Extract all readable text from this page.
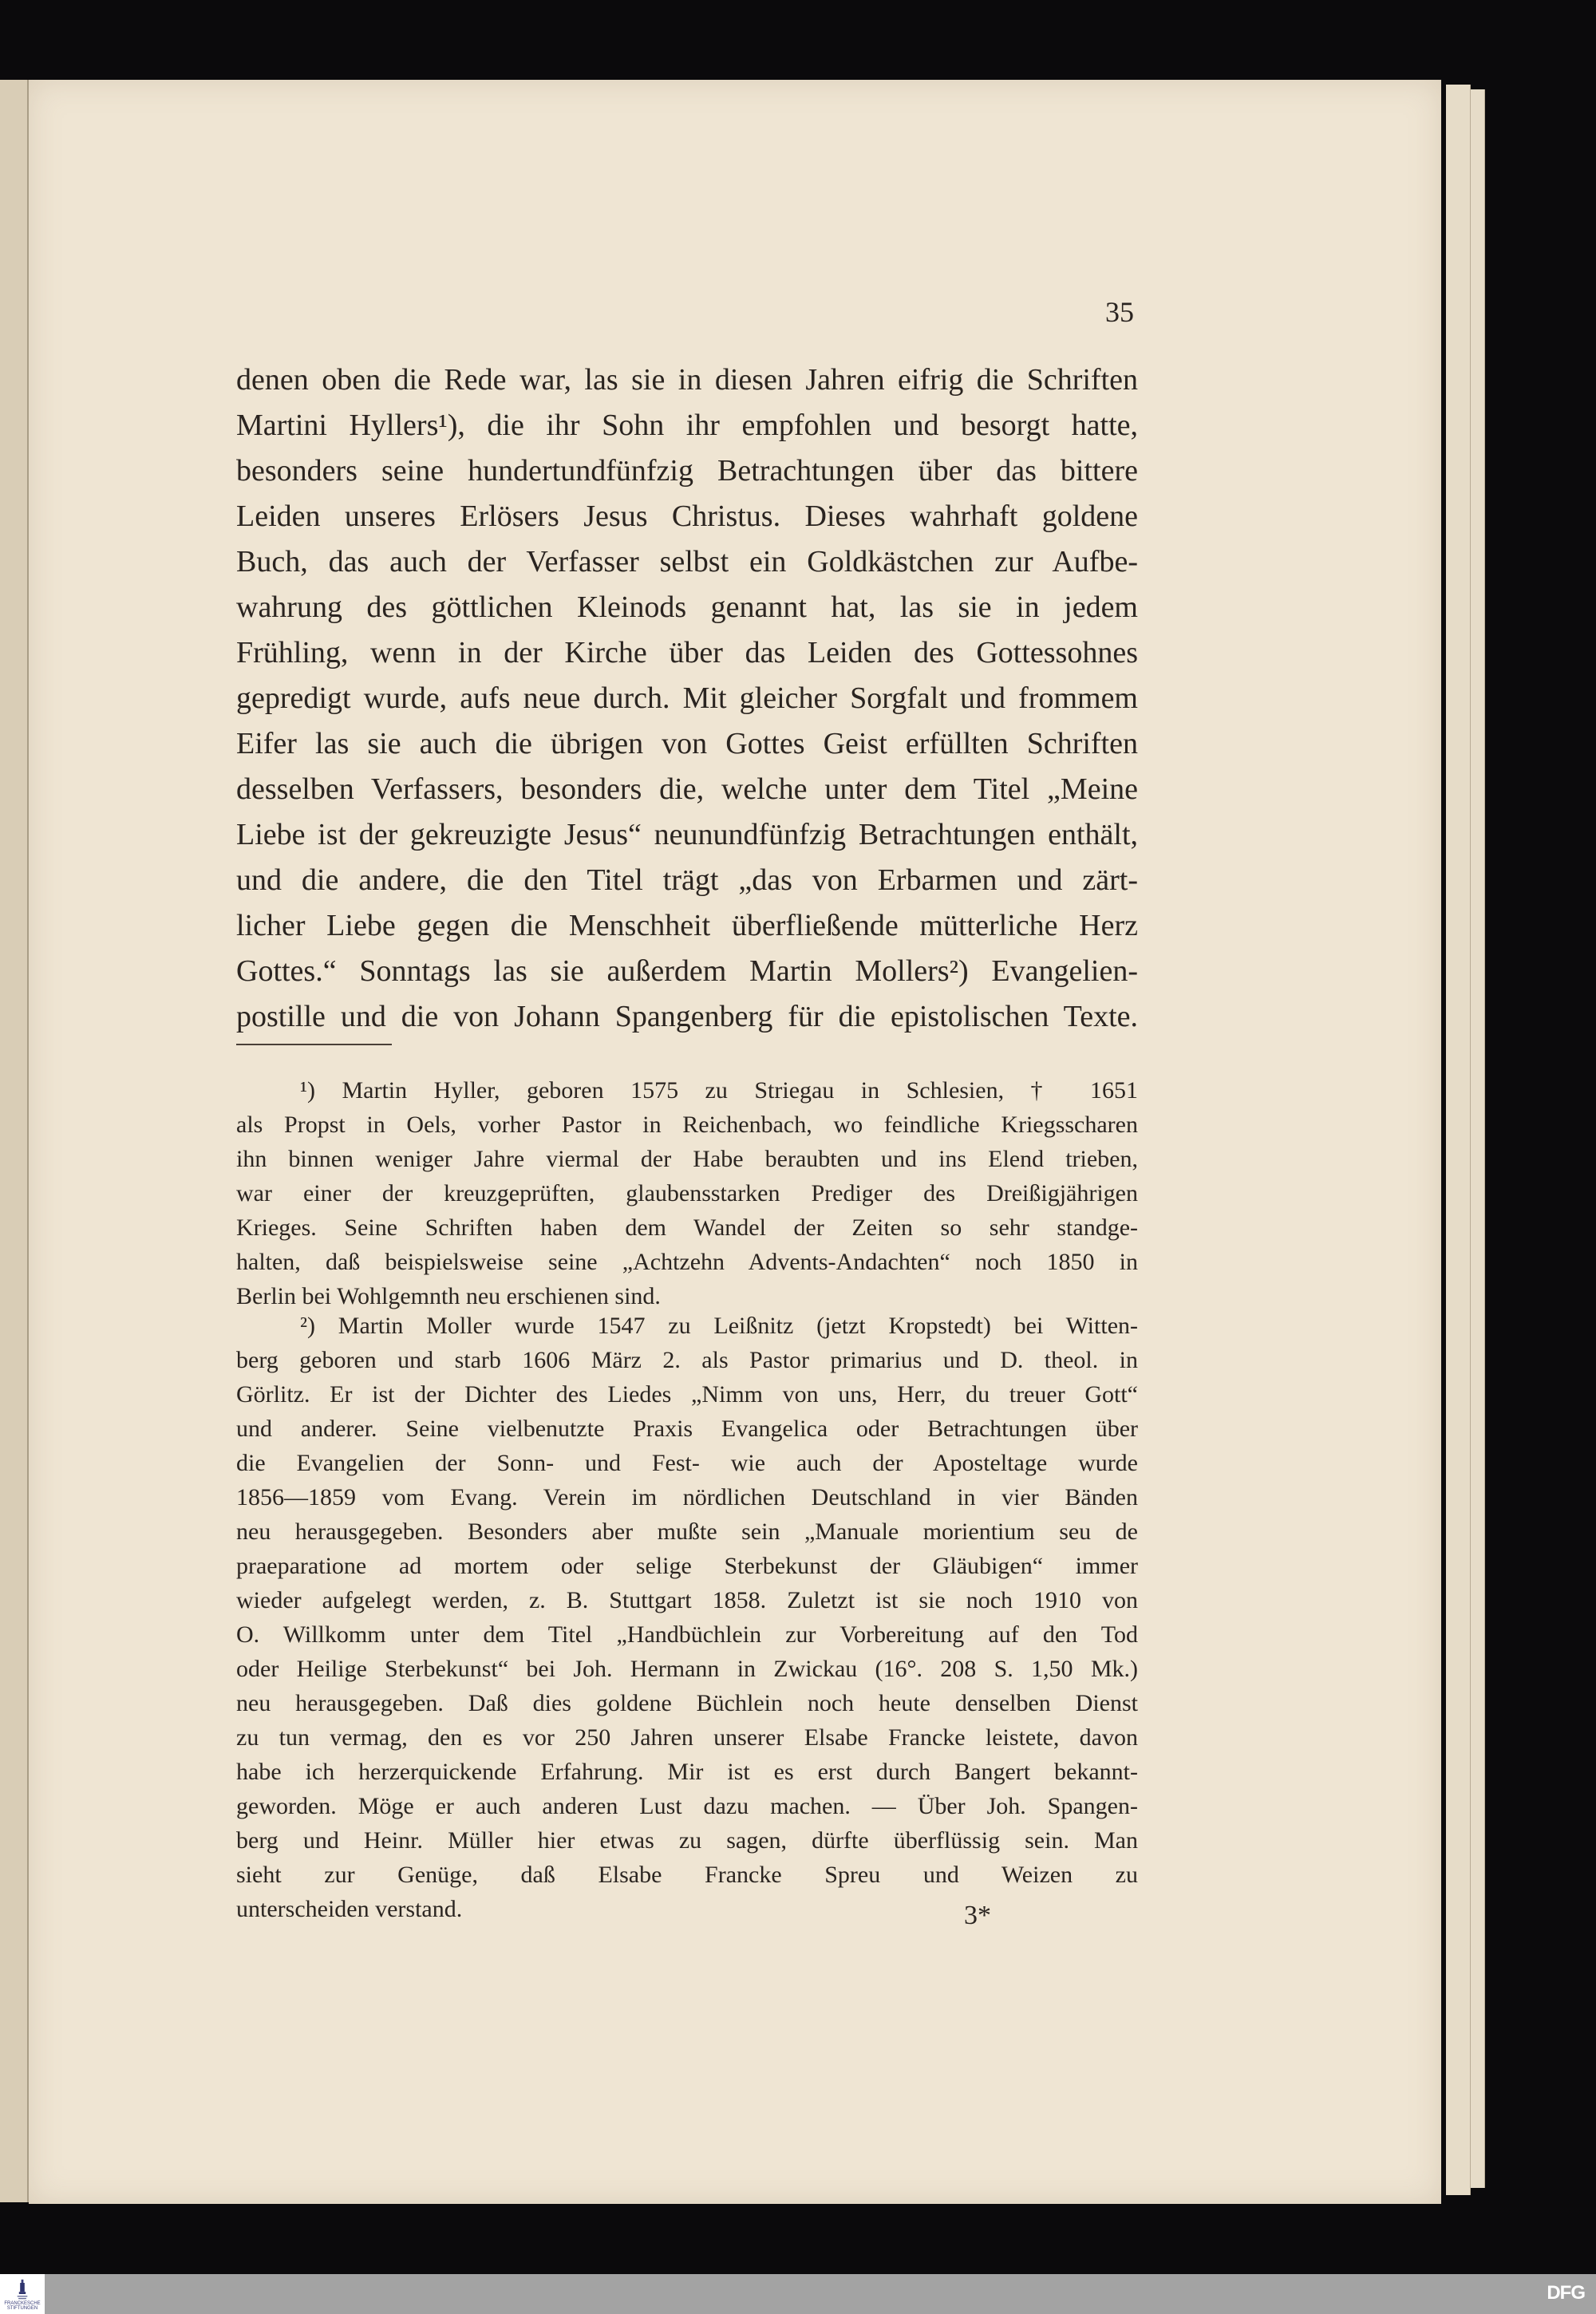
35
denen oben die Rede war, las sie in diesen Jahren eifrig die Schriften
Martini Hyllers¹), die ihr Sohn ihr empfohlen und besorgt hatte,
besonders seine hundertundfünfzig Betrachtungen über das bittere
Leiden unseres Erlösers Jesus Christus. Dieses wahrhaft goldene
Buch, das auch der Verfasser selbst ein Goldkästchen zur Aufbe-
wahrung des göttlichen Kleinods genannt hat, las sie in jedem
Frühling, wenn in der Kirche über das Leiden des Gottessohnes
gepredigt wurde, aufs neue durch. Mit gleicher Sorgfalt und frommem
Eifer las sie auch die übrigen von Gottes Geist erfüllten Schriften
desselben Verfassers, besonders die, welche unter dem Titel „Meine
Liebe ist der gekreuzigte Jesus“ neunundfünfzig Betrachtungen enthält,
und die andere, die den Titel trägt „das von Erbarmen und zärt-
licher Liebe gegen die Menschheit überfließende mütterliche Herz
Gottes.“ Sonntags las sie außerdem Martin Mollers²) Evangelien-
postille und die von Johann Spangenberg für die epistolischen Texte.
¹) Martin Hyller, geboren 1575 zu Striegau in Schlesien, † 1651
als Propst in Oels, vorher Pastor in Reichenbach, wo feindliche Kriegsscharen
ihn binnen weniger Jahre viermal der Habe beraubten und ins Elend trieben,
war einer der kreuzgeprüften, glaubensstarken Prediger des Dreißigjährigen
Krieges. Seine Schriften haben dem Wandel der Zeiten so sehr standge-
halten, daß beispielsweise seine „Achtzehn Advents-Andachten“ noch 1850 in
Berlin bei Wohlgemnth neu erschienen sind.
²) Martin Moller wurde 1547 zu Leißnitz (jetzt Kropstedt) bei Witten-
berg geboren und starb 1606 März 2. als Pastor primarius und D. theol. in
Görlitz. Er ist der Dichter des Liedes „Nimm von uns, Herr, du treuer Gott“
und anderer. Seine vielbenutzte Praxis Evangelica oder Betrachtungen über
die Evangelien der Sonn- und Fest- wie auch der Aposteltage wurde
1856—1859 vom Evang. Verein im nördlichen Deutschland in vier Bänden
neu herausgegeben. Besonders aber mußte sein „Manuale morientium seu de
praeparatione ad mortem oder selige Sterbekunst der Gläubigen“ immer
wieder aufgelegt werden, z. B. Stuttgart 1858. Zuletzt ist sie noch 1910 von
O. Willkomm unter dem Titel „Handbüchlein zur Vorbereitung auf den Tod
oder Heilige Sterbekunst“ bei Joh. Hermann in Zwickau (16°. 208 S. 1,50 Mk.)
neu herausgegeben. Daß dies goldene Büchlein noch heute denselben Dienst
zu tun vermag, den es vor 250 Jahren unserer Elsabe Francke leistete, davon
habe ich herzerquickende Erfahrung. Mir ist es erst durch Bangert bekannt-
geworden. Möge er auch anderen Lust dazu machen. — Über Joh. Spangen-
berg und Heinr. Müller hier etwas zu sagen, dürfte überflüssig sein. Man
sieht zur Genüge, daß Elsabe Francke Spreu und Weizen zu
unterscheiden verstand.	3*
FRANCKESCHE STIFTUNGEN
DFG
